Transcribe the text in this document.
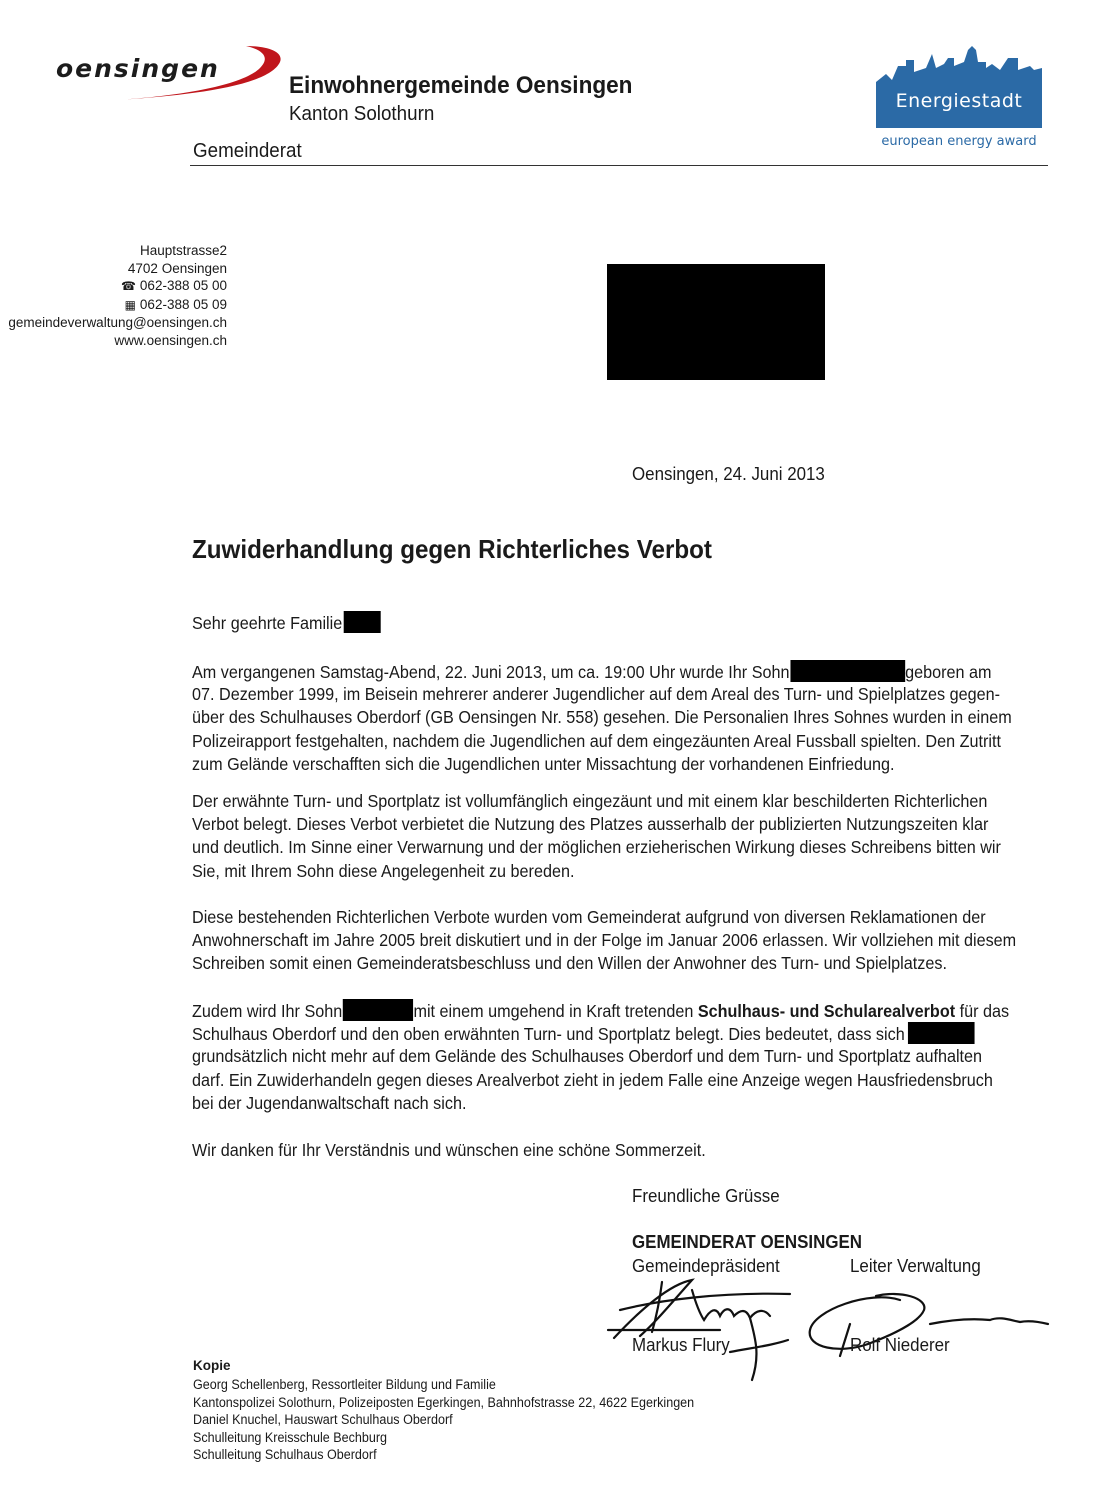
oensingen
Einwohnergemeinde Oensingen
Kanton Solothurn
Gemeinderat
Energiestadt
european energy award
Hauptstrasse2
4702 Oensingen
☎ 062-388 05 00
▦ 062-388 05 09
gemeindeverwaltung@oensingen.ch
www.oensingen.ch
Oensingen, 24. Juni 2013
Zuwiderhandlung gegen Richterliches Verbot
Sehr geehrte Familie
Am vergangenen Samstag-Abend, 22. Juni 2013, um ca. 19:00 Uhr wurde Ihr Sohn	geboren am
07. Dezember 1999, im Beisein mehrerer anderer Jugendlicher auf dem Areal des Turn- und Spielplatzes gegen-
über des Schulhauses Oberdorf (GB Oensingen Nr. 558) gesehen. Die Personalien Ihres Sohnes wurden in einem
Polizeirapport festgehalten, nachdem die Jugendlichen auf dem eingezäunten Areal Fussball spielten. Den Zutritt
zum Gelände verschafften sich die Jugendlichen unter Missachtung der vorhandenen Einfriedung.
Der erwähnte Turn- und Sportplatz ist vollumfänglich eingezäunt und mit einem klar beschilderten Richterlichen
Verbot belegt. Dieses Verbot verbietet die Nutzung des Platzes ausserhalb der publizierten Nutzungszeiten klar
und deutlich. Im Sinne einer Verwarnung und der möglichen erzieherischen Wirkung dieses Schreibens bitten wir
Sie, mit Ihrem Sohn diese Angelegenheit zu bereden.
Diese bestehenden Richterlichen Verbote wurden vom Gemeinderat aufgrund von diversen Reklamationen der
Anwohnerschaft im Jahre 2005 breit diskutiert und in der Folge im Januar 2006 erlassen. Wir vollziehen mit diesem
Schreiben somit einen Gemeinderatsbeschluss und den Willen der Anwohner des Turn- und Spielplatzes.
Zudem wird Ihr Sohn	mit einem umgehend in Kraft tretenden Schulhaus- und Schularealverbot für das
Schulhaus Oberdorf und den oben erwähnten Turn- und Sportplatz belegt. Dies bedeutet, dass sich
grundsätzlich nicht mehr auf dem Gelände des Schulhauses Oberdorf und dem Turn- und Sportplatz aufhalten
darf. Ein Zuwiderhandeln gegen dieses Arealverbot zieht in jedem Falle eine Anzeige wegen Hausfriedensbruch
bei der Jugendanwaltschaft nach sich.
Wir danken für Ihr Verständnis und wünschen eine schöne Sommerzeit.
Freundliche Grüsse
GEMEINDERAT OENSINGEN
Gemeindepräsident	Leiter Verwaltung
Markus Flury	Rolf Niederer
Kopie
Georg Schellenberg, Ressortleiter Bildung und Familie
Kantonspolizei Solothurn, Polizeiposten Egerkingen, Bahnhofstrasse 22, 4622 Egerkingen
Daniel Knuchel, Hauswart Schulhaus Oberdorf
Schulleitung Kreisschule Bechburg
Schulleitung Schulhaus Oberdorf
